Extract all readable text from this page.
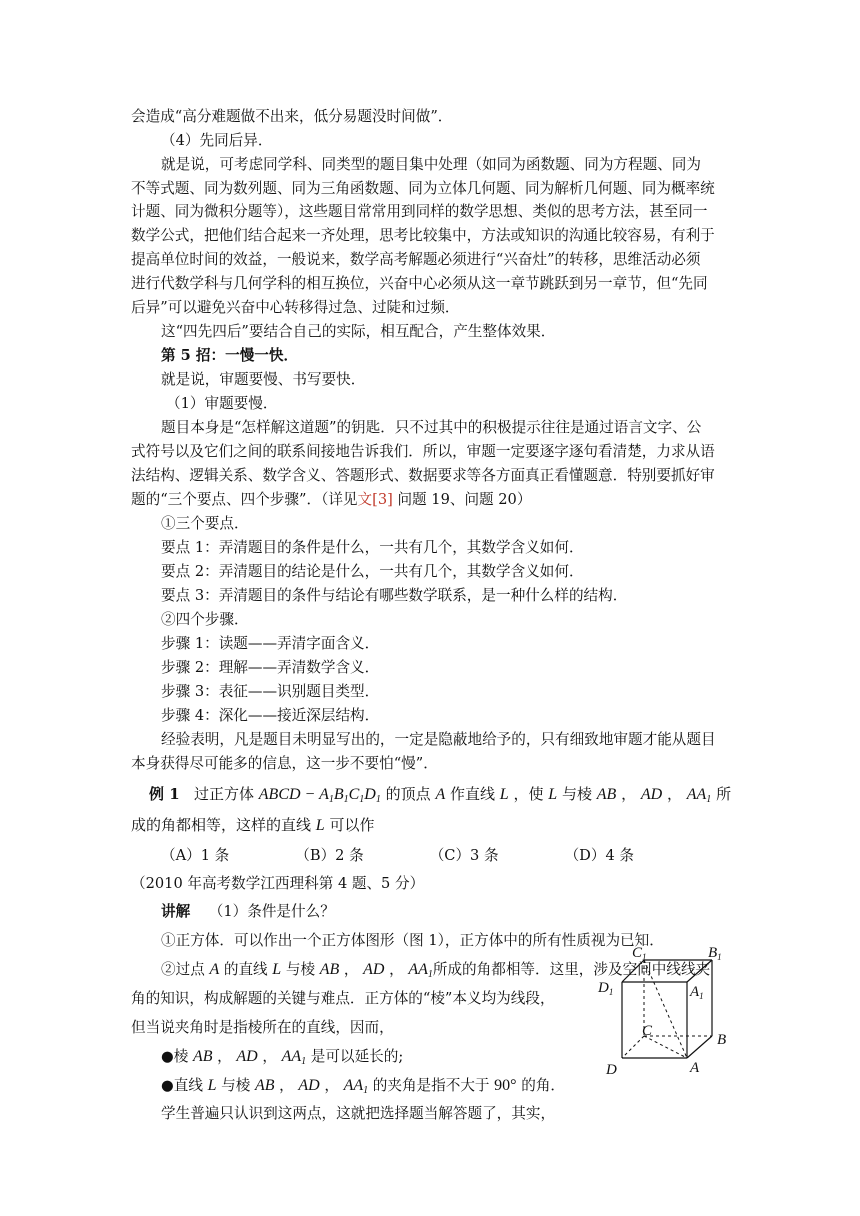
会造成“高分难题做不出来，低分易题没时间做”．
（4）先同后异．
就是说，可考虑同学科、同类型的题目集中处理（如同为函数题、同为方程题、同为
不等式题、同为数列题、同为三角函数题、同为立体几何题、同为解析几何题、同为概率统
计题、同为微积分题等），这些题目常常用到同样的数学思想、类似的思考方法，甚至同一
数学公式，把他们结合起来一齐处理，思考比较集中，方法或知识的沟通比较容易，有利于
提高单位时间的效益，一般说来，数学高考解题必须进行“兴奋灶”的转移，思维活动必须
进行代数学科与几何学科的相互换位，兴奋中心必须从这一章节跳跃到另一章节，但“先同
后异”可以避免兴奋中心转移得过急、过陡和过频．
这“四先四后”要结合自己的实际，相互配合，产生整体效果．
第 5 招：一慢一快．
就是说，审题要慢、书写要快．
（1）审题要慢．
题目本身是“怎样解这道题”的钥匙．只不过其中的积极提示往往是通过语言文字、公
式符号以及它们之间的联系间接地告诉我们．所以，审题一定要逐字逐句看清楚，力求从语
法结构、逻辑关系、数学含义、答题形式、数据要求等各方面真正看懂题意．特别要抓好审
题的“三个要点、四个步骤”．（详见文[3] 问题 19、问题 20）
①三个要点．
要点 1：弄清题目的条件是什么，一共有几个，其数学含义如何．
要点 2：弄清题目的结论是什么，一共有几个，其数学含义如何．
要点 3：弄清题目的条件与结论有哪些数学联系，是一种什么样的结构．
②四个步骤．
步骤 1：读题——弄清字面含义．
步骤 2：理解——弄清数学含义．
步骤 3：表征——识别题目类型．
步骤 4：深化——接近深层结构．
经验表明，凡是题目未明显写出的，一定是隐蔽地给予的，只有细致地审题才能从题目
本身获得尽可能多的信息，这一步不要怕“慢”．
例 1 过正方体 ABCD − $A_1B_1C_1D_1$ 的顶点 A 作直线 L ，使 L 与棱 AB ， AD ， $AA_1$ 所
成的角都相等，这样的直线 L 可以作
（A）1 条	（B）2 条	（C）3 条	（D）4 条
（2010 年高考数学江西理科第 4 题、5 分）
讲解 （1）条件是什么？
①正方体．可以作出一个正方体图形（图 1），正方体中的所有性质视为已知．
②过点 A 的直线 L 与棱 AB ， AD ， $AA_1$所成的角都相等．这里，涉及空间中线线夹
角的知识，构成解题的关键与难点．正方体的“棱”本义均为线段，
但当说夹角时是指棱所在的直线，因而，
●棱 AB ， AD ， $AA_1$ 是可以延长的;
●直线 L 与棱 AB ， AD ， $AA_1$ 的夹角是指不大于 90° 的角．
学生普遍只认识到这两点，这就把选择题当解答题了，其实，
$C_1$	$B_1$
$D_1$	$A_1$
C
B
D	A
